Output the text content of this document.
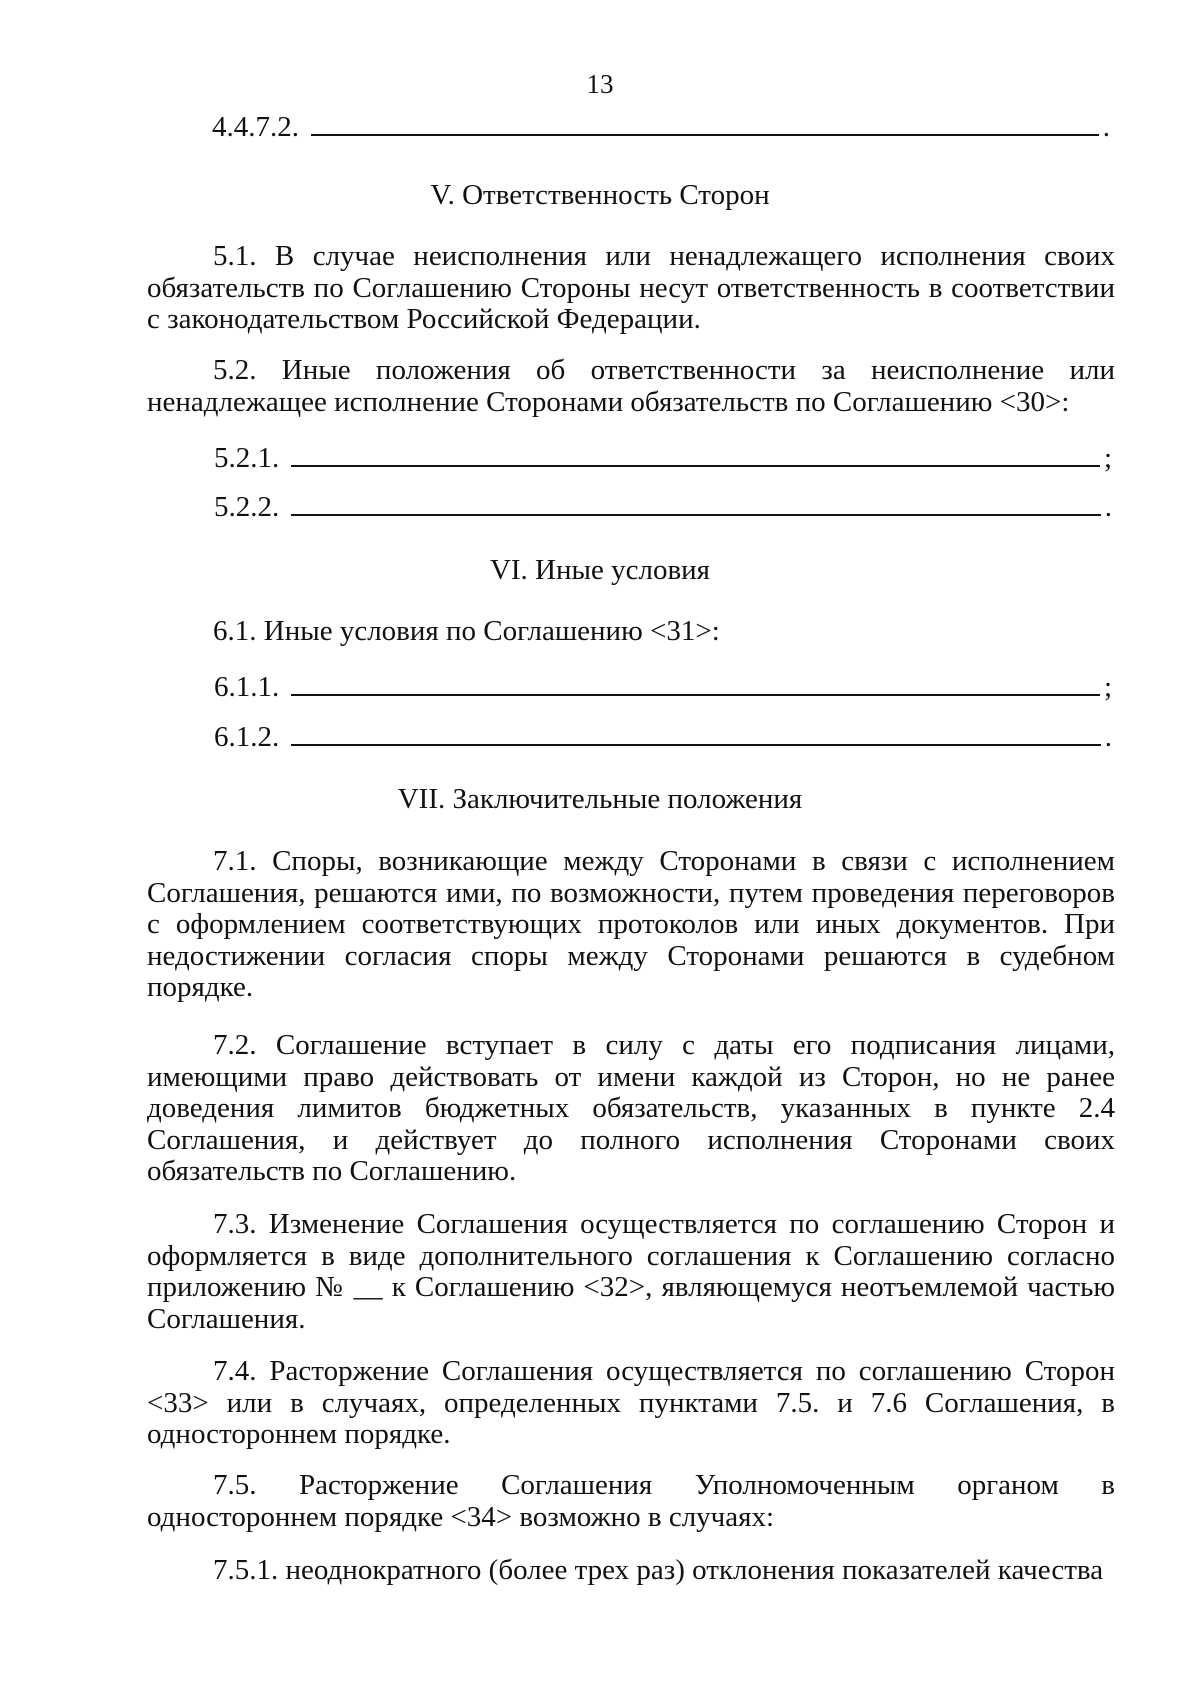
13
4.4.7.2.	.
V. Ответственность Сторон
5.1. В случае неисполнения или ненадлежащего исполнения своих обязательств по Соглашению Стороны несут ответственность в соответствии с законодательством Российской Федерации.
5.2. Иные положения об ответственности за неисполнение или ненадлежащее исполнение Сторонами обязательств по Соглашению <30>:
5.2.1.	;
5.2.2.	.
VI. Иные условия
6.1. Иные условия по Соглашению <31>:
6.1.1.	;
6.1.2.	.
VII. Заключительные положения
7.1. Споры, возникающие между Сторонами в связи с исполнением Соглашения, решаются ими, по возможности, путем проведения переговоров с оформлением соответствующих протоколов или иных документов. При недостижении согласия споры между Сторонами решаются в судебном порядке.
7.2. Соглашение вступает в силу с даты его подписания лицами, имеющими право действовать от имени каждой из Сторон, но не ранее доведения лимитов бюджетных обязательств, указанных в пункте 2.4 Соглашения, и действует до полного исполнения Сторонами своих обязательств по Соглашению.
7.3. Изменение Соглашения осуществляется по соглашению Сторон и оформляется в виде дополнительного соглашения к Соглашению согласно приложению № __ к Соглашению <32>, являющемуся неотъемлемой частью Соглашения.
7.4. Расторжение Соглашения осуществляется по соглашению Сторон <33> или в случаях, определенных пунктами 7.5. и 7.6 Соглашения, в одностороннем порядке.
7.5. Расторжение Соглашения Уполномоченным органом в одностороннем порядке <34> возможно в случаях:
7.5.1. неоднократного (более трех раз) отклонения показателей качества
